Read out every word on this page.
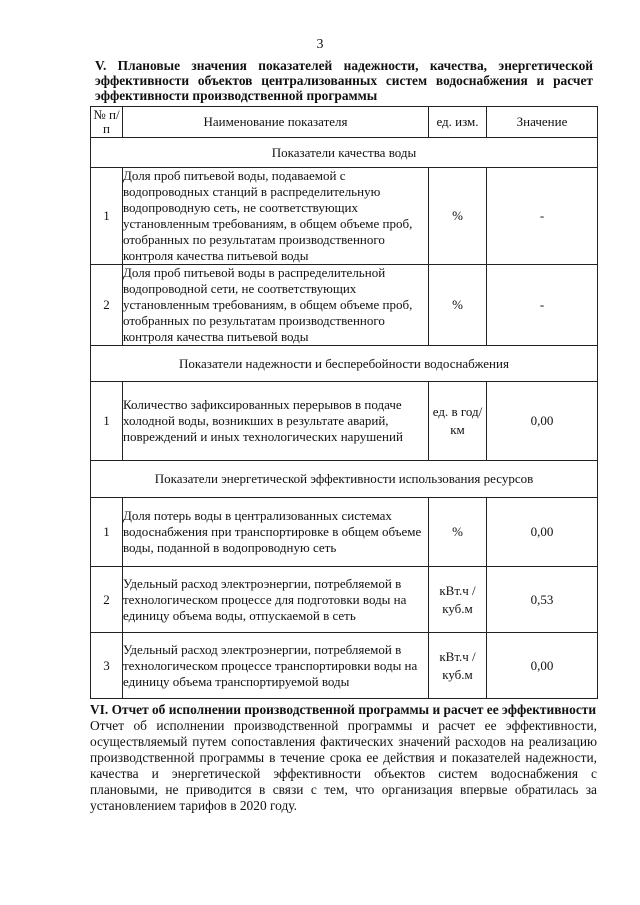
3
V. Плановые значения показателей надежности, качества, энергетической эффективности объектов централизованных систем водоснабжения и расчет эффективности производственной программы
№ п/п	Наименование показателя	ед. изм.	Значение
Показатели качества воды			
1	Доля проб питьевой воды, подаваемой с водопроводных станций в распределительную водопроводную сеть, не соответствующих установленным требованиям, в общем объеме проб, отобранных по результатам производственного контроля качества питьевой воды	%	-
2	Доля проб питьевой воды в распределительной водопроводной сети, не соответствующих установленным требованиям, в общем объеме проб, отобранных по результатам производственного контроля качества питьевой воды	%	-
Показатели надежности и бесперебойности водоснабжения			
1	Количество зафиксированных перерывов в подаче холодной воды, возникших в результате аварий, повреждений и иных технологических нарушений	ед. в год/ км	0,00
Показатели энергетической эффективности использования ресурсов			
1	Доля потерь воды в централизованных системах водоснабжения при транспортировке в общем объеме воды, поданной в водопроводную сеть	%	0,00
2	Удельный расход электроэнергии, потребляемой в технологическом процессе для подготовки воды на единицу объема воды, отпускаемой в сеть	кВт.ч / куб.м	0,53
3	Удельный расход электроэнергии, потребляемой в технологическом процессе транспортировки воды на единицу объема транспортируемой воды	кВт.ч / куб.м	0,00
VI. Отчет об исполнении производственной программы и расчет ее эффективности

Отчет об исполнении производственной программы и расчет ее эффективности, осуществляемый путем сопоставления фактических значений расходов на реализацию производственной программы в течение срока ее действия и показателей надежности, качества и энергетической эффективности объектов систем водоснабжения с плановыми, не приводится в связи с тем, что организация впервые обратилась за установлением тарифов в 2020 году.
